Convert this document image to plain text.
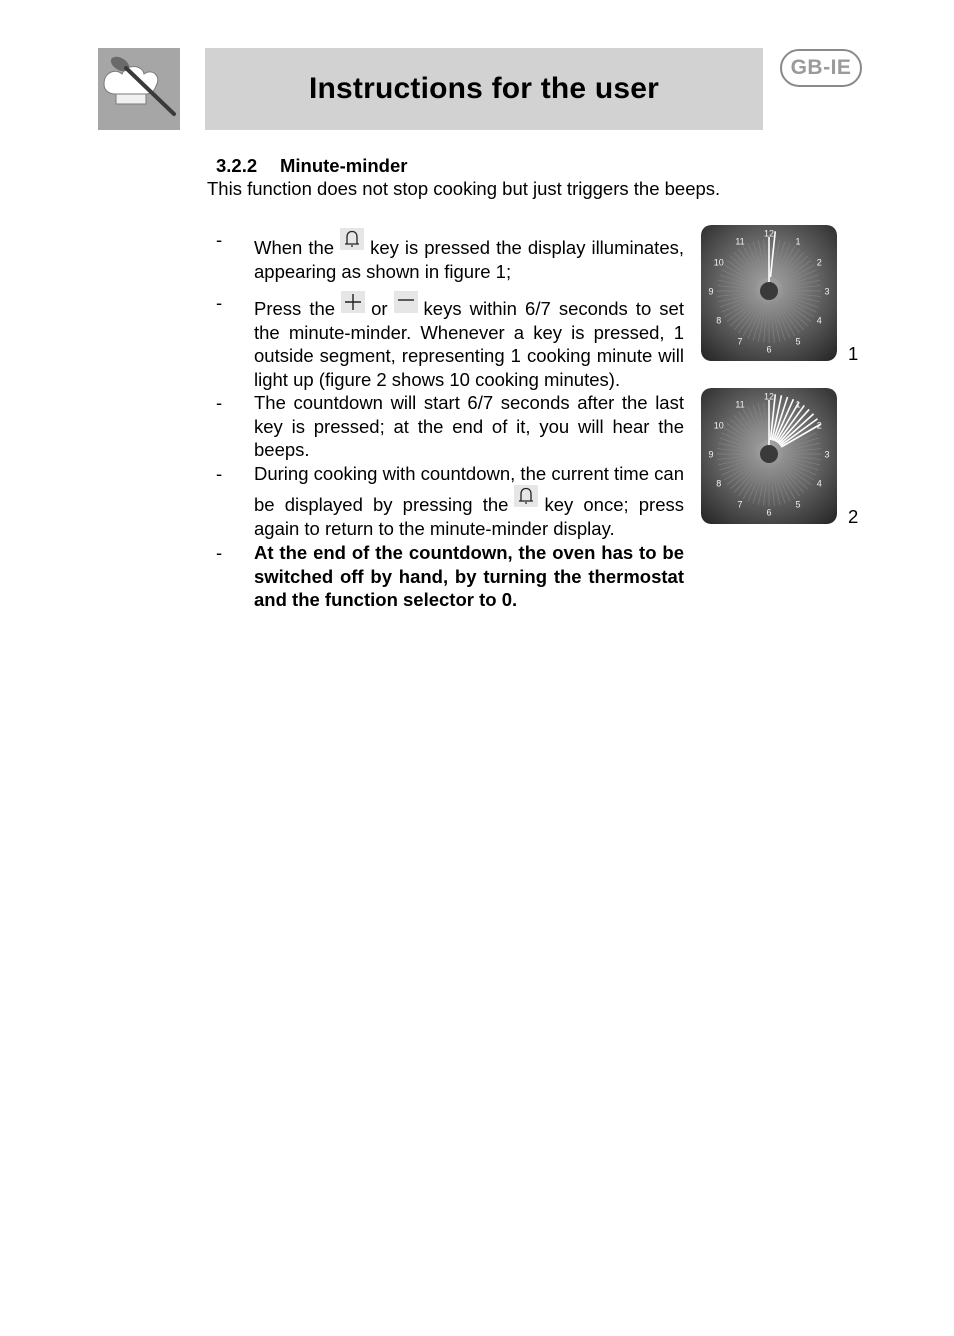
Instructions for the user
GB-IE
3.2.2 Minute-minder
This function does not stop cooking but just triggers the beeps.
-	When the key is pressed the display illuminates, appearing as shown in figure 1;
-	Press the or keys within 6/7 seconds to set the minute-minder. Whenever a key is pressed, 1 outside segment, representing 1 cooking minute will light up (figure 2 shows 10 cooking minutes).
-	The countdown will start 6/7 seconds after the last key is pressed; at the end of it, you will hear the beeps.
-	During cooking with countdown, the current time can be displayed by pressing the key once; press again to return to the minute-minder display.
-	At the end of the countdown, the oven has to be switched off by hand, by turning the thermostat and the function selector to 0.
12
1
2
3
4
5
6
7
8
9
10
11
1
12
1
2
3
4
5
6
7
8
9
10
11
2
